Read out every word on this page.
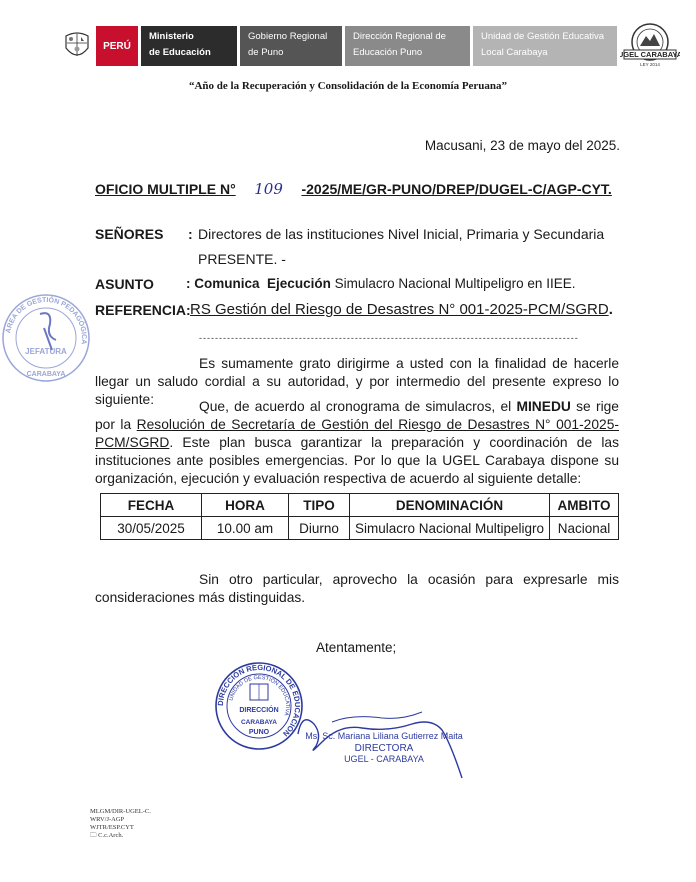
PERÚ
Ministerio
de Educación
Gobierno Regional
de Puno
Dirección Regional de
Educación Puno
Unidad de Gestión Educativa
Local Carabaya	UGEL CARABAYA
LEY 2014
“Año de la Recuperación y Consolidación de la Economía Peruana”
Macusani, 23 de mayo del 2025.
OFICIO MULTIPLE N° 109 -2025/ME/GR-PUNO/DREP/DUGEL-C/AGP-CYT.
SEÑORES : Directores de las instituciones Nivel Inicial, Primaria y Secundaria
PRESENTE. -
ASUNTO : Comunica Ejecución Simulacro Nacional Multipeligro en IIEE.
REFERENCIA: RS Gestión del Riesgo de Desastres N° 001-2025-PCM/SGRD.
-----------------------------------------------------------------------------------------------
Es sumamente grato dirigirme a usted con la finalidad de hacerle llegar un saludo cordial a su autoridad, y por intermedio del presente expreso lo siguiente:	Que, de acuerdo al cronograma de simulacros, el MINEDU se rige por la Resolución de Secretaría de Gestión del Riesgo de Desastres N° 001-2025-PCM/SGRD. Este plan busca garantizar la preparación y coordinación de las instituciones ante posibles emergencias. Por lo que la UGEL Carabaya dispone su organización, ejecución y evaluación respectiva de acuerdo al siguiente detalle:
FECHA	HORA	TIPO	DENOMINACIÓN	AMBITO
30/05/2025	10.00 am	Diurno	Simulacro Nacional Multipeligro	Nacional
Sin otro particular, aprovecho la ocasión para expresarle mis consideraciones más distinguidas.
Atentamente;
ÁREA DE GESTIÓN PEDAGÓGICA
JEFATURA
CARABAYA
DIRECCIÓN REGIONAL DE EDUCACIÓN
UNIDAD DE GESTIÓN EDUCATIVA
DIRECCIÓN
CARABAYA
PUNO	Ms. Sc. Mariana Liliana Gutierrez Maita
DIRECTORA
UGEL - CARABAYA
MLGM/DIR-UGEL-C.
WRV/J-AGP
WJTR/ESP.CYT
🗀 C.c.Arch.
